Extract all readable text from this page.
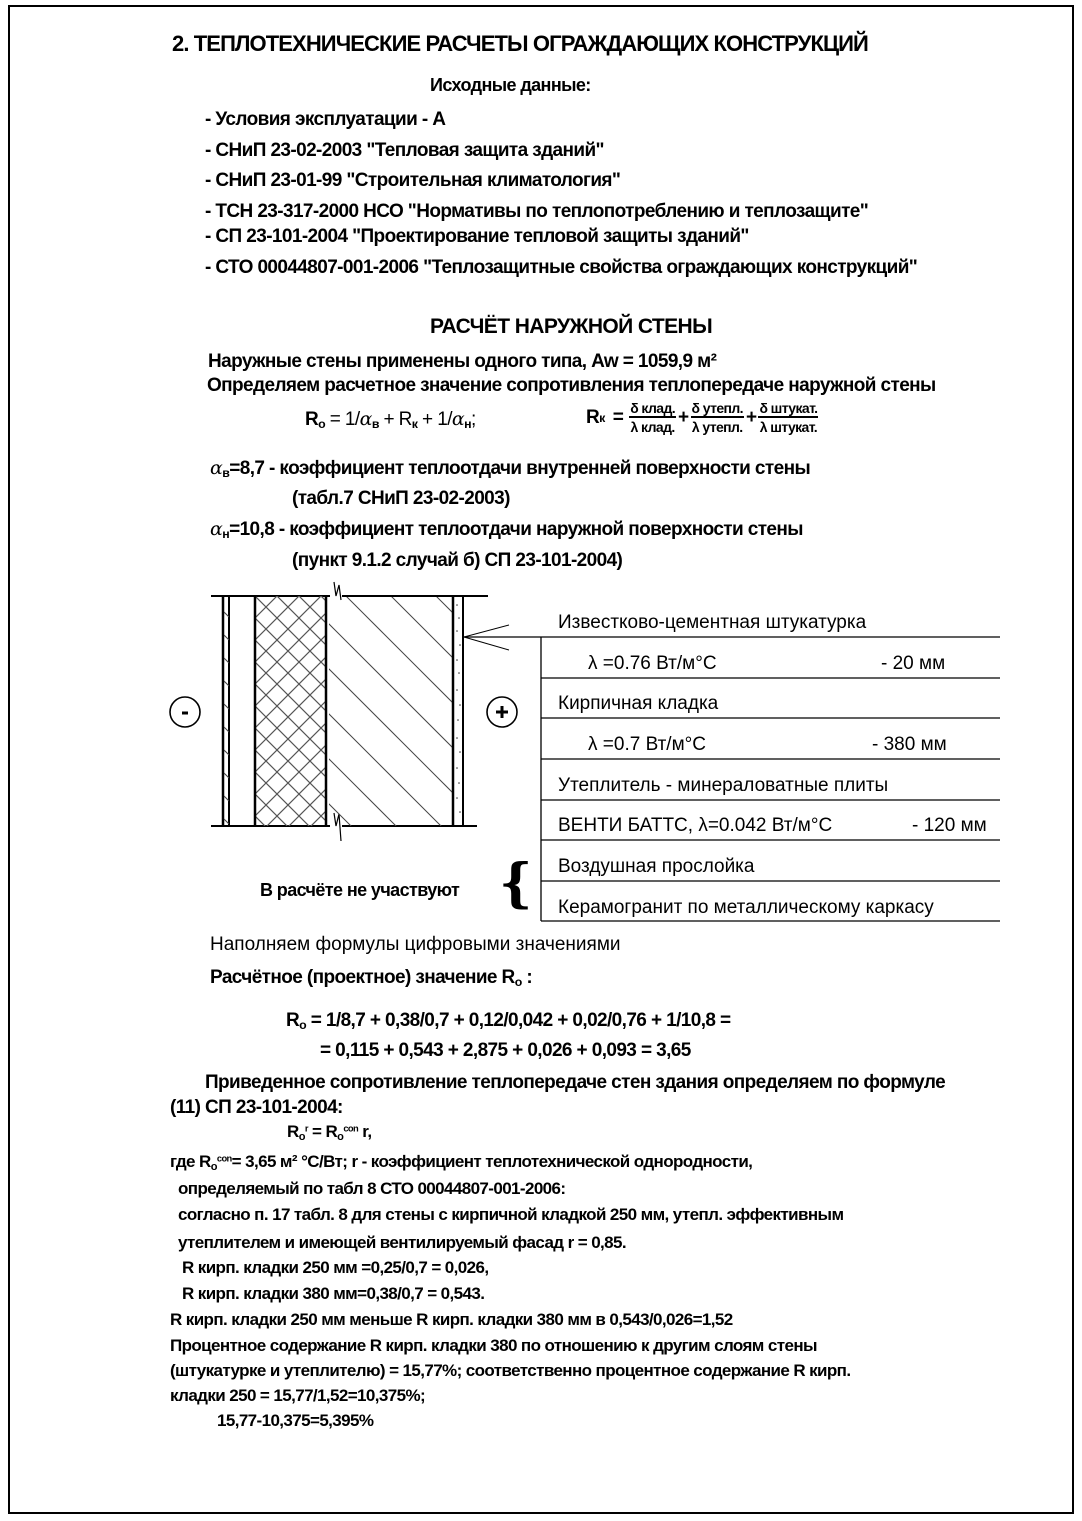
2. ТЕПЛОТЕХНИЧЕСКИЕ РАСЧЕТЫ ОГРАЖДАЮЩИХ КОНСТРУКЦИЙ
Исходные данные:
- Условия эксплуатации - А
- СНиП 23-02-2003 "Тепловая защита зданий"
- СНиП 23-01-99 "Строительная климатология"
- ТСН 23-317-2000 НСО "Нормативы по теплопотреблению и теплозащите"
- СП 23-101-2004 "Проектирование тепловой защиты зданий"
- СТО 00044807-001-2006 "Теплозащитные свойства ограждающих конструкций"
РАСЧЁТ НАРУЖНОЙ СТЕНЫ
Наружные стены применены одного типа, Aw = 1059,9 м²
Определяем расчетное значение сопротивления теплопередаче наружной стены
$R_o = 1/\alpha_в + R_к + 1/\alpha_н$;	R $к = \frac{\text{δ клад.}}{\text{λ клад.}} + \frac{\text{δ утепл.}}{\text{λ утепл.}} + \frac{\text{δ штукат.}}{\text{λ штукат.}}$
$\alpha_в=8,7$ - коэффициент теплоотдачи внутренней поверхности стены
(табл.7 СНиП 23-02-2003)
$\alpha_н=10,8$ - коэффициент теплоотдачи наружной поверхности стены
(пункт 9.1.2 случай б) СП 23-101-2004)
Известково-цементная штукатурка
λ =0.76 Вт/м°С	- 20 мм
Кирпичная кладка
λ =0.7 Вт/м°С	- 380 мм
Утеплитель - минераловатные плиты
ВЕНТИ БАТТС, λ=0.042 Вт/м°С	- 120 мм
Воздушная прослойка
Керамогранит по металлическому каркасу
В расчёте не участвуют {
Наполняем формулы цифровыми значениями
Расчётное (проектное) значение $R_o$ :
$R_o = 1/8,7 + 0,38/0,7 + 0,12/0,042 + 0,02/0,76 + 1/10,8$ =
= 0,115 + 0,543 + 2,875 + 0,026 + 0,093 = 3,65
Приведенное сопротивление теплопередаче стен здания определяем по формуле
(11) СП 23-101-2004:
$R_o^r = R_o^{con}$ r,
где $R_o^{con}= 3,65$ м² °С/Вт; r - коэффициент теплотехнической однородности,
определяемый по табл 8 СТО 00044807-001-2006:
согласно п. 17 табл. 8 для стены с кирпичной кладкой 250 мм, утепл. эффективным
утеплителем и имеющей вентилируемый фасад r = 0,85.
R кирп. кладки 250 мм =0,25/0,7 = 0,026,
R кирп. кладки 380 мм=0,38/0,7 = 0,543.
R кирп. кладки 250 мм меньше R кирп. кладки 380 мм в 0,543/0,026=1,52
Процентное содержание R кирп. кладки 380 по отношению к другим слоям стены
(штукатурке и утеплителю) = 15,77%; соответственно процентное содержание R кирп.
кладки 250 = 15,77/1,52=10,375%;
15,77-10,375=5,395%
